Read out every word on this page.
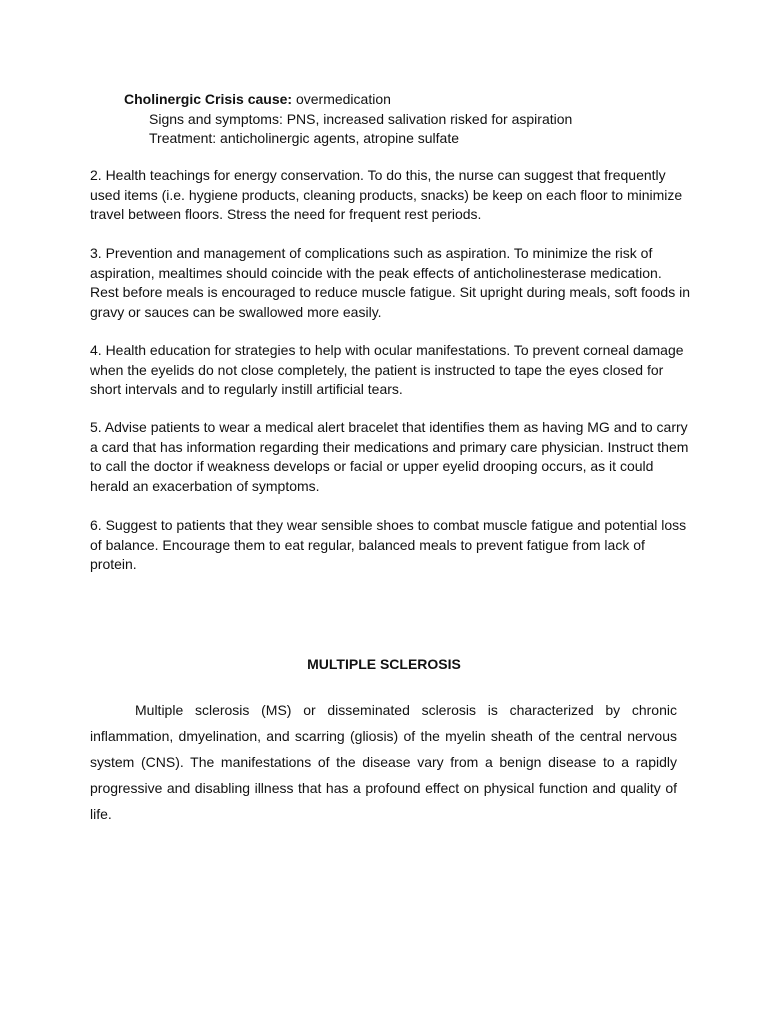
Cholinergic Crisis cause: overmedication
Signs and symptoms: PNS, increased salivation risked for aspiration
Treatment: anticholinergic agents, atropine sulfate

2. Health teachings for energy conservation. To do this, the nurse can suggest that frequently used items (i.e. hygiene products, cleaning products, snacks) be keep on each floor to minimize travel between floors. Stress the need for frequent rest periods.

3. Prevention and management of complications such as aspiration. To minimize the risk of aspiration, mealtimes should coincide with the peak effects of anticholinesterase medication. Rest before meals is encouraged to reduce muscle fatigue. Sit upright during meals, soft foods in gravy or sauces can be swallowed more easily.

4. Health education for strategies to help with ocular manifestations. To prevent corneal damage when the eyelids do not close completely, the patient is instructed to tape the eyes closed for short intervals and to regularly instill artificial tears.

5. Advise patients to wear a medical alert bracelet that identifies them as having MG and to carry a card that has information regarding their medications and primary care physician. Instruct them to call the doctor if weakness develops or facial or upper eyelid drooping occurs, as it could herald an exacerbation of symptoms.

6. Suggest to patients that they wear sensible shoes to combat muscle fatigue and potential loss of balance. Encourage them to eat regular, balanced meals to prevent fatigue from lack of protein.

MULTIPLE SCLEROSIS

Multiple sclerosis (MS) or disseminated sclerosis is characterized by chronic inflammation, dmyelination, and scarring (gliosis) of the myelin sheath of the central nervous system (CNS). The manifestations of the disease vary from a benign disease to a rapidly progressive and disabling illness that has a profound effect on physical function and quality of life.
